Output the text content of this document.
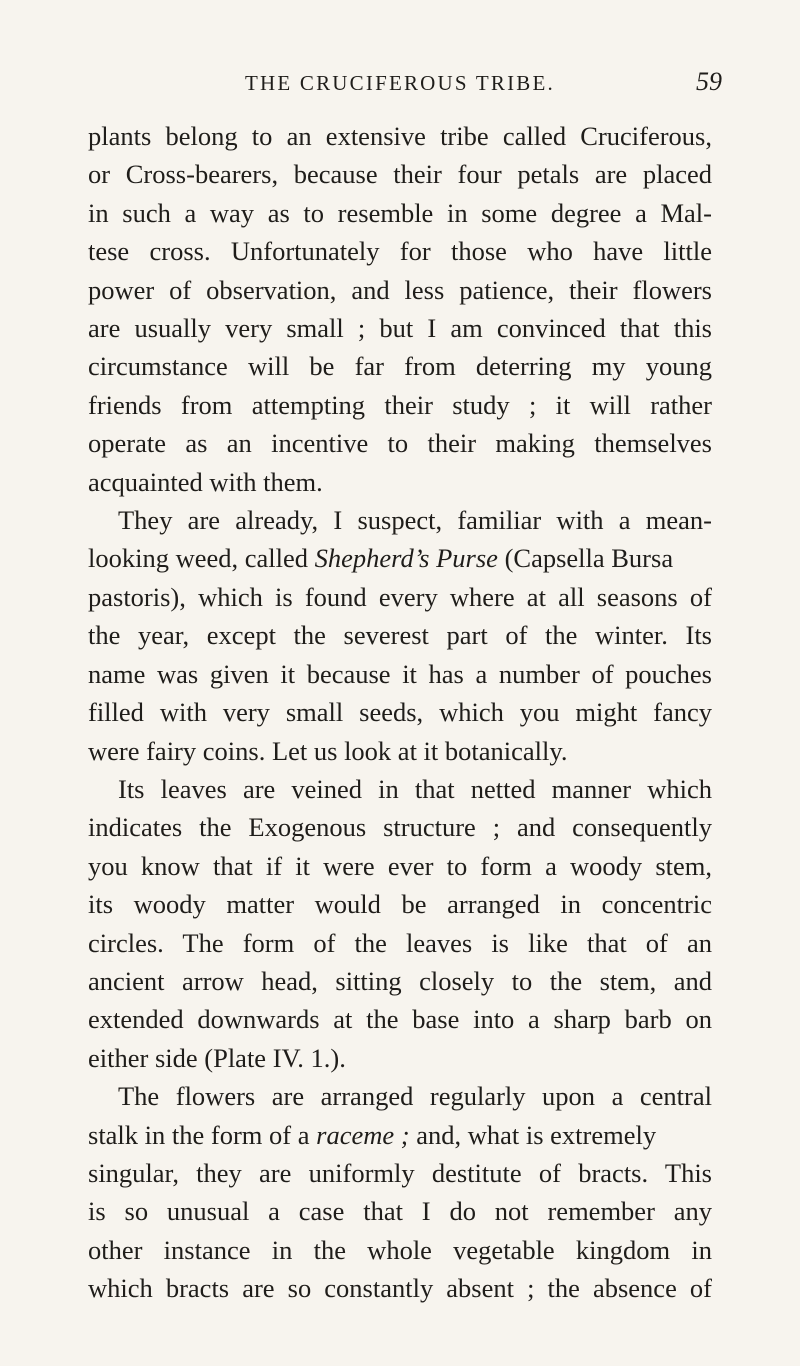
THE CRUCIFEROUS TRIBE.	59
plants belong to an extensive tribe called Cruciferous,
or Cross-bearers, because their four petals are placed
in such a way as to resemble in some degree a Mal-
tese cross. Unfortunately for those who have little
power of observation, and less patience, their flowers
are usually very small ; but I am convinced that this
circumstance will be far from deterring my young
friends from attempting their study ; it will rather
operate as an incentive to their making themselves
acquainted with them.
They are already, I suspect, familiar with a mean-
looking weed, called Shepherd’s Purse (Capsella Bursa
pastoris), which is found every where at all seasons of
the year, except the severest part of the winter. Its
name was given it because it has a number of pouches
filled with very small seeds, which you might fancy
were fairy coins. Let us look at it botanically.
Its leaves are veined in that netted manner which
indicates the Exogenous structure ; and consequently
you know that if it were ever to form a woody stem,
its woody matter would be arranged in concentric
circles. The form of the leaves is like that of an
ancient arrow head, sitting closely to the stem, and
extended downwards at the base into a sharp barb on
either side (Plate IV. 1.).
The flowers are arranged regularly upon a central
stalk in the form of a raceme ; and, what is extremely
singular, they are uniformly destitute of bracts. This
is so unusual a case that I do not remember any
other instance in the whole vegetable kingdom in
which bracts are so constantly absent ; the absence of
